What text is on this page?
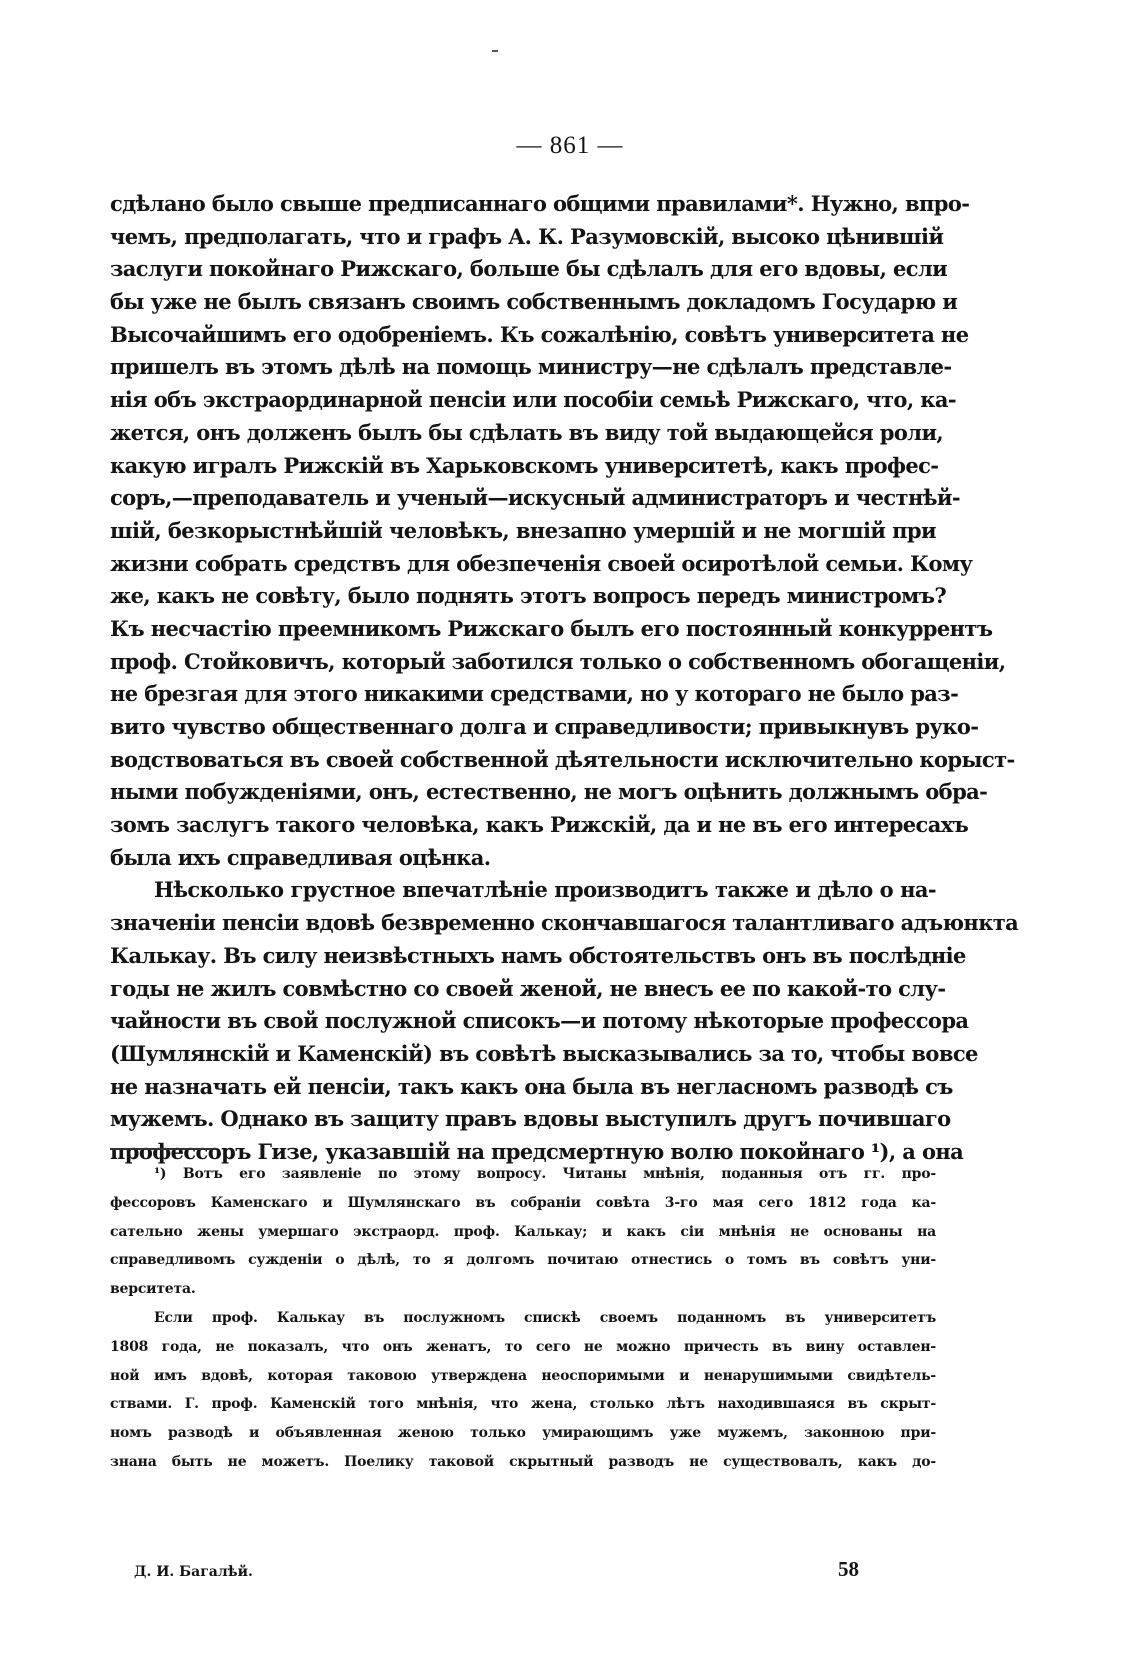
— 861 —
сдѣлано было свыше предписаннаго общими правилами*. Нужно, впро-
чемъ, предполагать, что и графъ А. К. Разумовскій, высоко цѣнившій
заслуги покойнаго Рижскаго, больше бы сдѣлалъ для его вдовы, если
бы уже не былъ связанъ своимъ собственнымъ докладомъ Государю и
Высочайшимъ его одобреніемъ. Къ сожалѣнію, совѣтъ университета не
пришелъ въ этомъ дѣлѣ на помощь министру—не сдѣлалъ представле-
нія объ экстраординарной пенсіи или пособіи семьѣ Рижскаго, что, ка-
жется, онъ долженъ былъ бы сдѣлать въ виду той выдающейся роли,
какую игралъ Рижскій въ Харьковскомъ университетѣ, какъ профес-
соръ,—преподаватель и ученый—искусный администраторъ и честнѣй-
шій, безкорыстнѣйшій человѣкъ, внезапно умершій и не могшій при
жизни собрать средствъ для обезпеченія своей осиротѣлой семьи. Кому
же, какъ не совѣту, было поднять этотъ вопросъ передъ министромъ?
Къ несчастію преемникомъ Рижскаго былъ его постоянный конкуррентъ
проф. Стойковичъ, который заботился только о собственномъ обогащеніи,
не брезгая для этого никакими средствами, но у котораго не было раз-
вито чувство общественнаго долга и справедливости; привыкнувъ руко-
водствоваться въ своей собственной дѣятельности исключительно корыст-
ными побужденіями, онъ, естественно, не могъ оцѣнить должнымъ обра-
зомъ заслугъ такого человѣка, какъ Рижскій, да и не въ его интересахъ
была ихъ справедливая оцѣнка.
Нѣсколько грустное впечатлѣніе производитъ также и дѣло о на-
значеніи пенсіи вдовѣ безвременно скончавшагося талантливаго адъюнкта
Калькау. Въ силу неизвѣстныхъ намъ обстоятельствъ онъ въ послѣдніе
годы не жилъ совмѣстно со своей женой, не внесъ ее по какой-то слу-
чайности въ свой послужной списокъ—и потому нѣкоторые профессора
(Шумлянскій и Каменскій) въ совѣтѣ высказывались за то, чтобы вовсе
не назначать ей пенсіи, такъ какъ она была въ негласномъ разводѣ съ
мужемъ. Однако въ защиту правъ вдовы выступилъ другъ почившаго
профессоръ Гизе, указавшій на предсмертную волю покойнаго ¹), а она
¹) Вотъ его заявленіе по этому вопросу. Читаны мнѣнія, поданныя отъ гг. про-
фессоровъ Каменскаго и Шумлянскаго въ собраніи совѣта 3-го мая сего 1812 года ка-
сательно жены умершаго экстраорд. проф. Калькау; и какъ сіи мнѣнія не основаны на
справедливомъ сужденіи о дѣлѣ, то я долгомъ почитаю отнестись о томъ въ совѣтъ уни-
верситета.
Если проф. Калькау въ послужномъ спискѣ своемъ поданномъ въ университетъ
1808 года, не показалъ, что онъ женатъ, то сего не можно причесть въ вину оставлен-
ной имъ вдовѣ, которая таковою утверждена неоспоримыми и ненарушимыми свидѣтель-
ствами. Г. проф. Каменскій того мнѣнія, что жена, столько лѣтъ находившаяся въ скрыт-
номъ разводѣ и объявленная женою только умирающимъ уже мужемъ, законною при-
знана быть не можетъ. Поелику таковой скрытный разводъ не существовалъ, какъ до-
Д. И. Багалѣй.	58
